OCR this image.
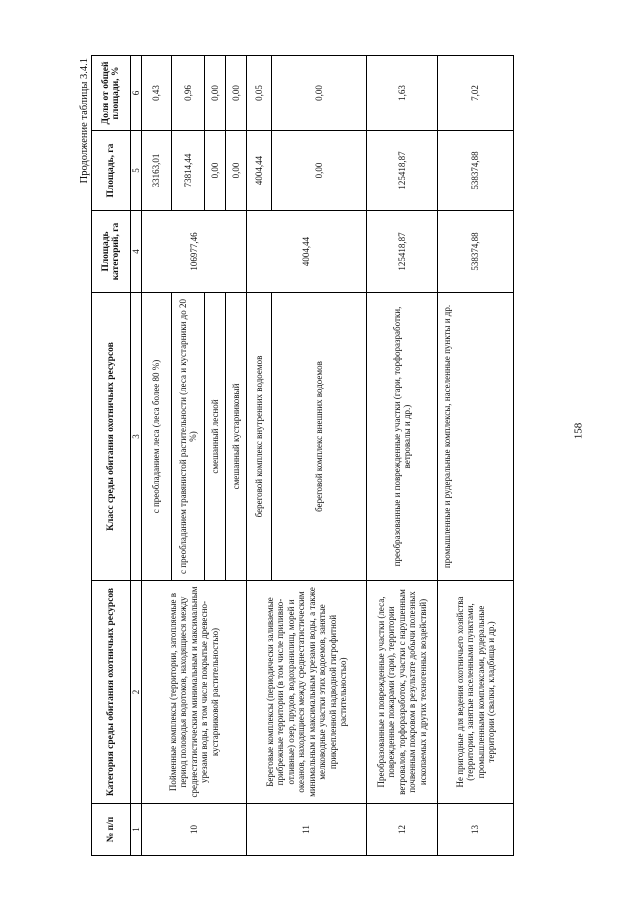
158
Продолжение таблицы 3.4.1
№ п/п	Категория среды обитания охотничьих ресурсов	Класс среды обитания охотничьих ресурсов	Площадь категорий, га	Площадь, га	Доля от общей площади, %
1	2	3	4	5	6
10	Пойменные комплексы (территории, затопляемые в период половодья водотоков, находящиеся между среднестатистическим минимальным и максимальным урезами воды, в том числе покрытые древесно-кустарниковой растительностью)	с преобладанием леса (леса более 80 %)	106977,46	33163,01	0,43
		с преобладанием травянистой растительности (леса и кустарники до 20 %)		73814,44	0,96
		смешанный лесной		0,00	0,00
		смешанный кустарниковый		0,00	0,00
11	Береговые комплексы (периодически заливаемые прибрежные территории (в том числе приливно-отливные) озер, прудов, водохранилищ, морей и океанов, находящиеся между среднестатистическим минимальным и максимальным урезами воды, а также мелководные участки этих водоемов, занятые прикрепленной надводной гигрофитной растительностью)	береговой комплекс внутренних водоемов	4004,44	4004,44	0,05
		береговой комплекс внешних водоемов		0,00	0,00
12	Преобразованные и поврежденные участки (леса, поврежденные пожарами (гари), территории ветровалов, торфоразработок, участки с нарушенным почвенным покровом в результате добычи полезных ископаемых и других техногенных воздействий)	преобразованные и поврежденные участки (гари, торфоразработки, ветровалы и др.)	125418,87	125418,87	1,63
13	Не пригодные для ведения охотничьего хозяйства (территории, занятые населенными пунктами, промышленными комплексами, рудеральные территории (свалки, кладбища и др.)	промышленные и рудеральные комплексы, населенные пункты и др.	538374,88	538374,88	7,02
